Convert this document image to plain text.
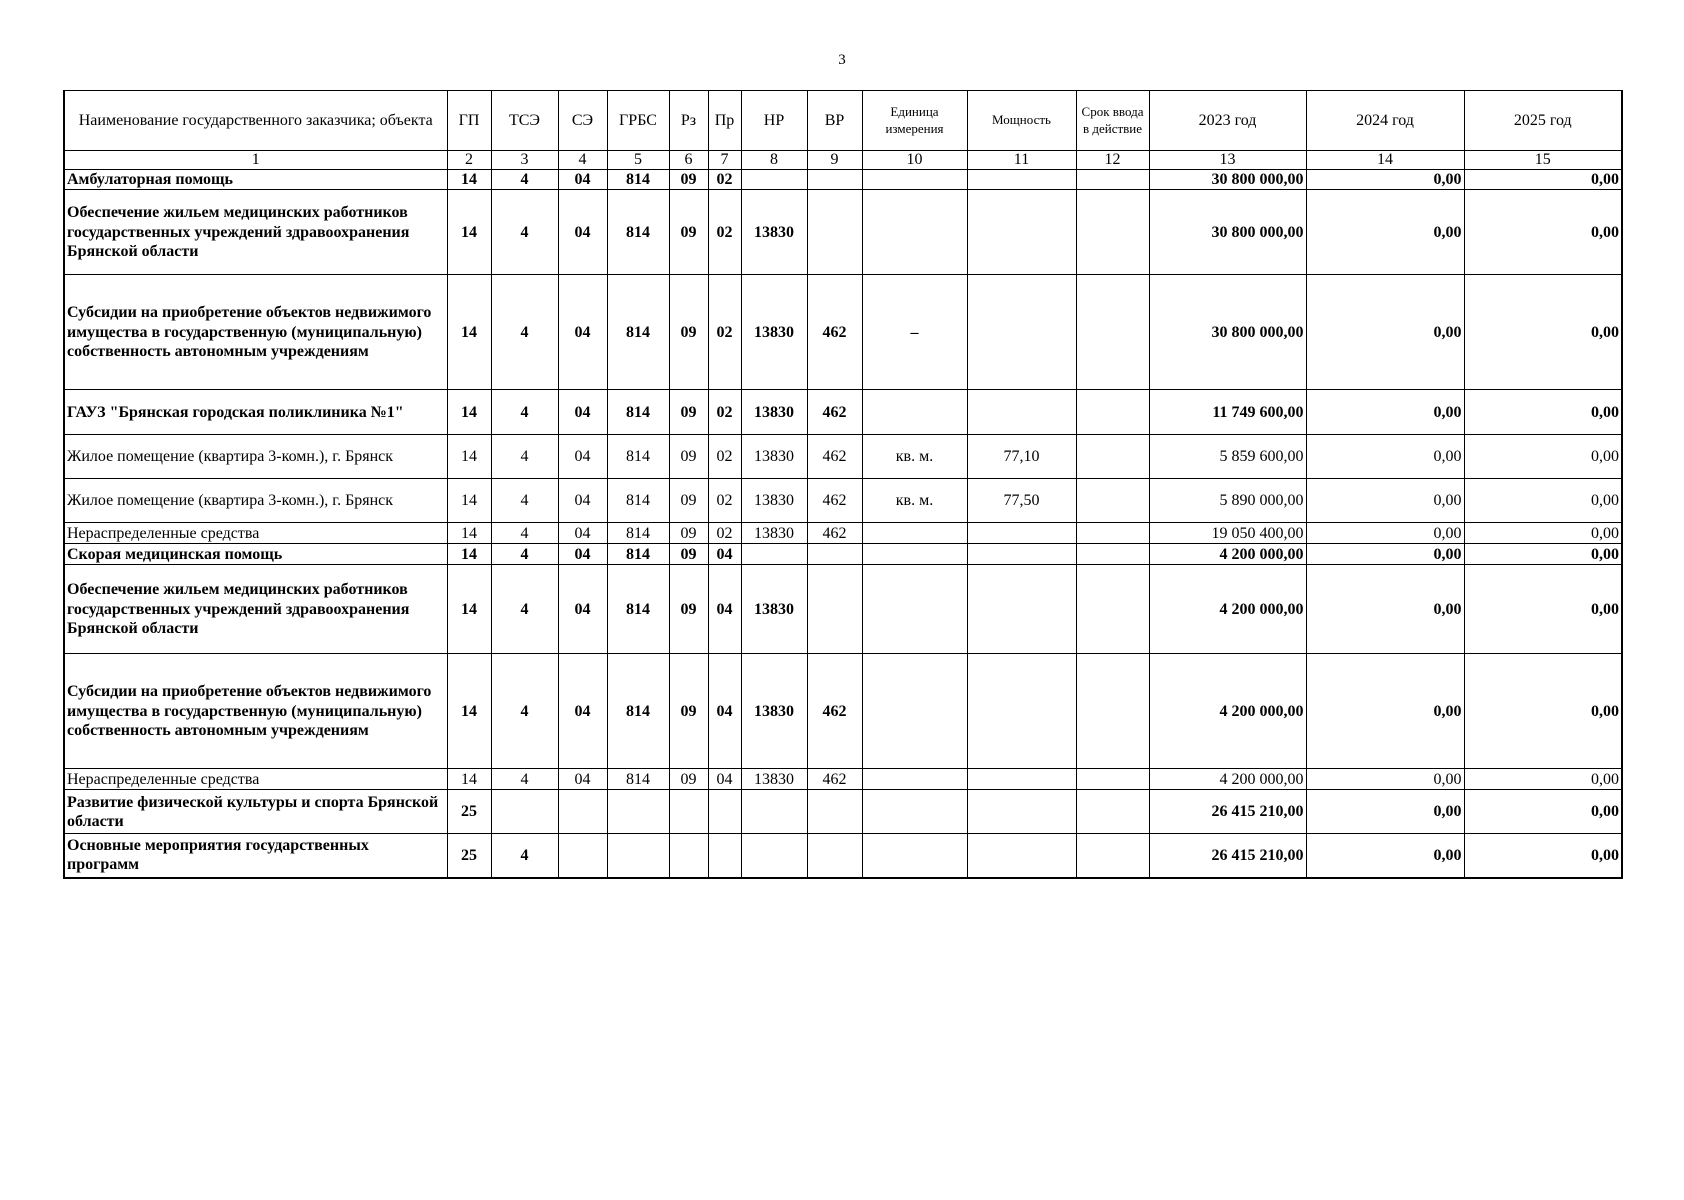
3
Наименование государственного заказчика; объекта	ГП	ТСЭ	СЭ	ГРБС	Рз	Пр	НР	ВР	Единица измерения	Мощность	Срок ввода в действие	2023 год	2024 год	2025 год
1	2	3	4	5	6	7	8	9	10	11	12	13	14	15
Амбулаторная помощь	14	4	04	814	09	02						30 800 000,00	0,00	0,00
Обеспечение жильем медицинских работников государственных учреждений здравоохранения Брянской области	14	4	04	814	09	02	13830					30 800 000,00	0,00	0,00
Субсидии на приобретение объектов недвижимого имущества в государственную (муниципальную) собственность автономным учреждениям	14	4	04	814	09	02	13830	462	–			30 800 000,00	0,00	0,00
ГАУЗ "Брянская городская поликлиника №1"	14	4	04	814	09	02	13830	462				11 749 600,00	0,00	0,00
Жилое помещение (квартира 3-комн.), г. Брянск	14	4	04	814	09	02	13830	462	кв. м.	77,10		5 859 600,00	0,00	0,00
Жилое помещение (квартира 3-комн.), г. Брянск	14	4	04	814	09	02	13830	462	кв. м.	77,50		5 890 000,00	0,00	0,00
Нераспределенные средства	14	4	04	814	09	02	13830	462				19 050 400,00	0,00	0,00
Скорая медицинская помощь	14	4	04	814	09	04						4 200 000,00	0,00	0,00
Обеспечение жильем медицинских работников государственных учреждений здравоохранения Брянской области	14	4	04	814	09	04	13830					4 200 000,00	0,00	0,00
Субсидии на приобретение объектов недвижимого имущества в государственную (муниципальную) собственность автономным учреждениям	14	4	04	814	09	04	13830	462				4 200 000,00	0,00	0,00
Нераспределенные средства	14	4	04	814	09	04	13830	462				4 200 000,00	0,00	0,00
Развитие физической культуры и спорта Брянской области	25											26 415 210,00	0,00	0,00
Основные мероприятия государственных программ	25	4										26 415 210,00	0,00	0,00
